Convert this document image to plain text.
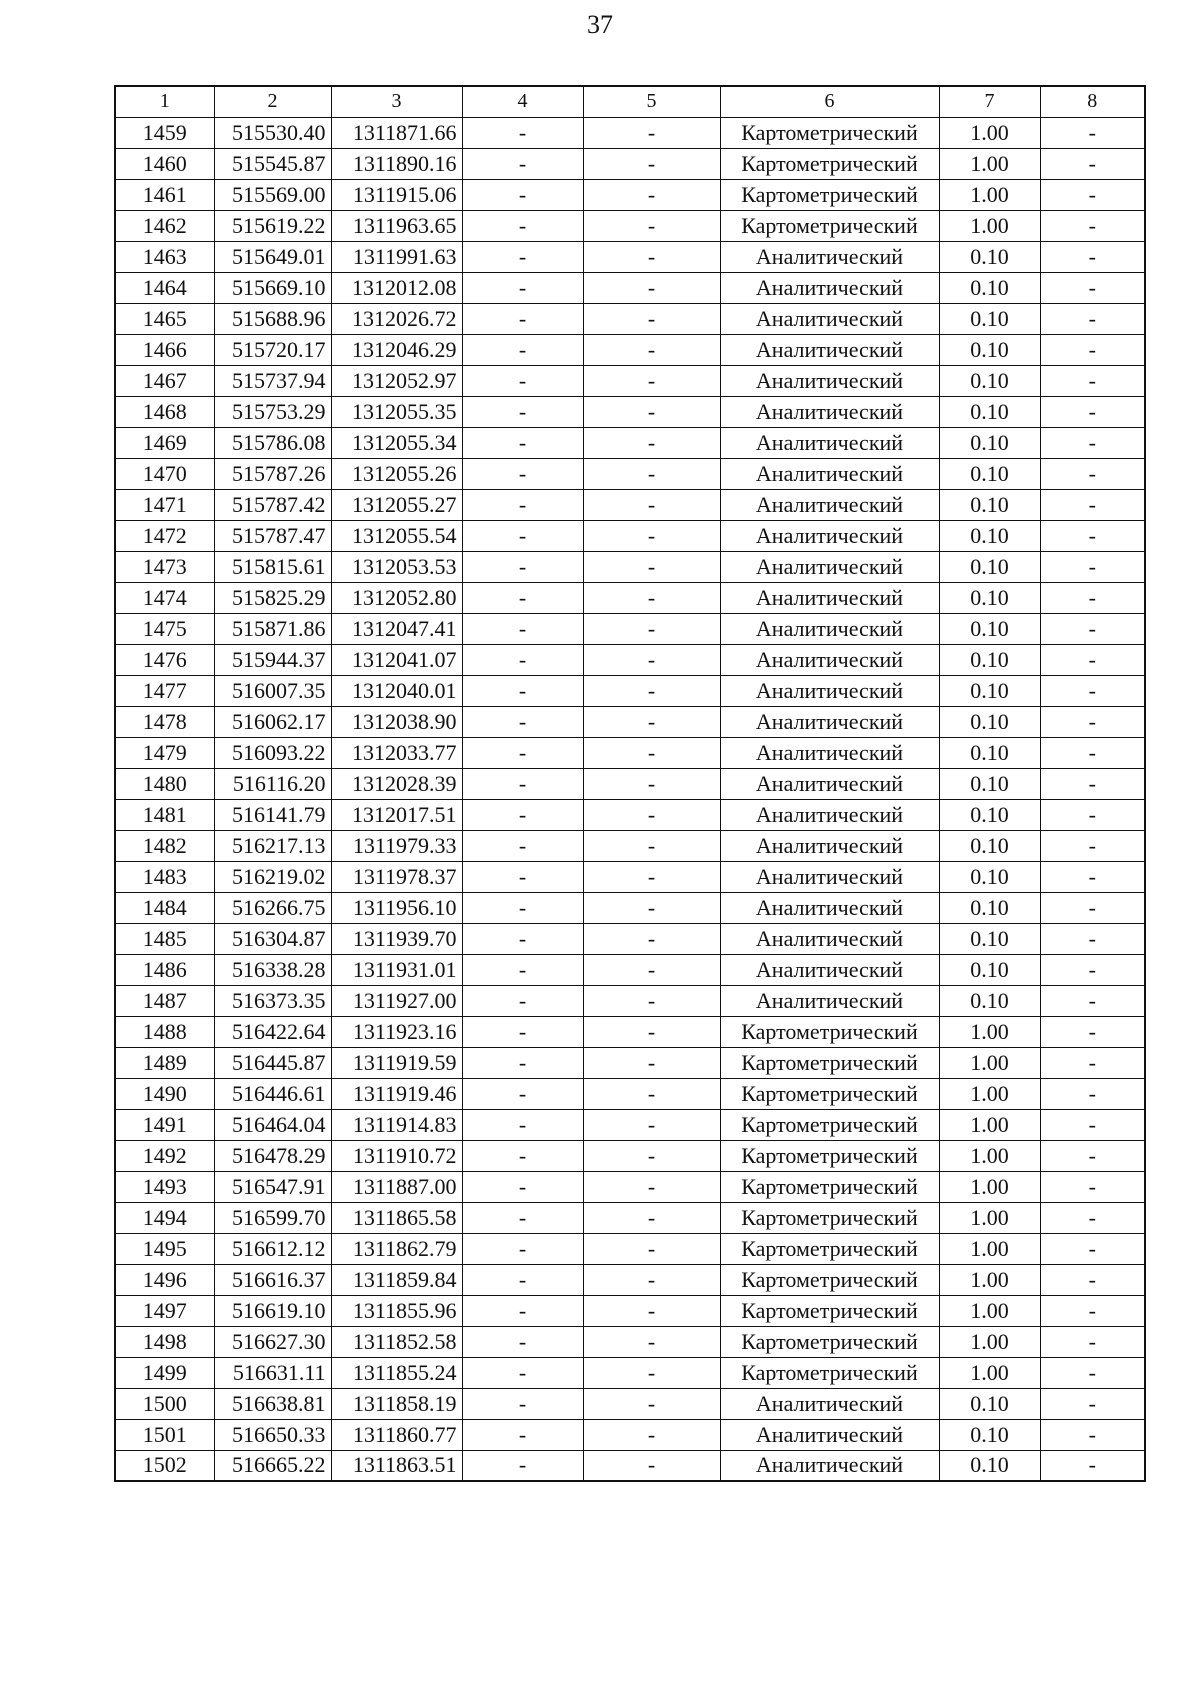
37
1	2	3	4	5	6	7	8
1459	515530.40	1311871.66	-	-	Картометрический	1.00	-
1460	515545.87	1311890.16	-	-	Картометрический	1.00	-
1461	515569.00	1311915.06	-	-	Картометрический	1.00	-
1462	515619.22	1311963.65	-	-	Картометрический	1.00	-
1463	515649.01	1311991.63	-	-	Аналитический	0.10	-
1464	515669.10	1312012.08	-	-	Аналитический	0.10	-
1465	515688.96	1312026.72	-	-	Аналитический	0.10	-
1466	515720.17	1312046.29	-	-	Аналитический	0.10	-
1467	515737.94	1312052.97	-	-	Аналитический	0.10	-
1468	515753.29	1312055.35	-	-	Аналитический	0.10	-
1469	515786.08	1312055.34	-	-	Аналитический	0.10	-
1470	515787.26	1312055.26	-	-	Аналитический	0.10	-
1471	515787.42	1312055.27	-	-	Аналитический	0.10	-
1472	515787.47	1312055.54	-	-	Аналитический	0.10	-
1473	515815.61	1312053.53	-	-	Аналитический	0.10	-
1474	515825.29	1312052.80	-	-	Аналитический	0.10	-
1475	515871.86	1312047.41	-	-	Аналитический	0.10	-
1476	515944.37	1312041.07	-	-	Аналитический	0.10	-
1477	516007.35	1312040.01	-	-	Аналитический	0.10	-
1478	516062.17	1312038.90	-	-	Аналитический	0.10	-
1479	516093.22	1312033.77	-	-	Аналитический	0.10	-
1480	516116.20	1312028.39	-	-	Аналитический	0.10	-
1481	516141.79	1312017.51	-	-	Аналитический	0.10	-
1482	516217.13	1311979.33	-	-	Аналитический	0.10	-
1483	516219.02	1311978.37	-	-	Аналитический	0.10	-
1484	516266.75	1311956.10	-	-	Аналитический	0.10	-
1485	516304.87	1311939.70	-	-	Аналитический	0.10	-
1486	516338.28	1311931.01	-	-	Аналитический	0.10	-
1487	516373.35	1311927.00	-	-	Аналитический	0.10	-
1488	516422.64	1311923.16	-	-	Картометрический	1.00	-
1489	516445.87	1311919.59	-	-	Картометрический	1.00	-
1490	516446.61	1311919.46	-	-	Картометрический	1.00	-
1491	516464.04	1311914.83	-	-	Картометрический	1.00	-
1492	516478.29	1311910.72	-	-	Картометрический	1.00	-
1493	516547.91	1311887.00	-	-	Картометрический	1.00	-
1494	516599.70	1311865.58	-	-	Картометрический	1.00	-
1495	516612.12	1311862.79	-	-	Картометрический	1.00	-
1496	516616.37	1311859.84	-	-	Картометрический	1.00	-
1497	516619.10	1311855.96	-	-	Картометрический	1.00	-
1498	516627.30	1311852.58	-	-	Картометрический	1.00	-
1499	516631.11	1311855.24	-	-	Картометрический	1.00	-
1500	516638.81	1311858.19	-	-	Аналитический	0.10	-
1501	516650.33	1311860.77	-	-	Аналитический	0.10	-
1502	516665.22	1311863.51	-	-	Аналитический	0.10	-
